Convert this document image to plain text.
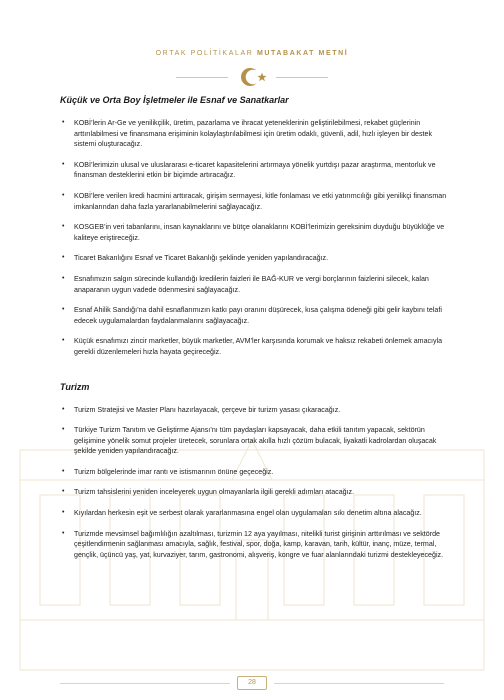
ORTAK POLİTİKALAR MUTABAKAT METNİ
Küçük ve Orta Boy İşletmeler ile Esnaf ve Sanatkarlar
• KOBİ’lerin Ar-Ge ve yenilikçilik, üretim, pazarlama ve ihracat yeteneklerinin geliştirilebilmesi, rekabet güçlerinin arttırılabilmesi ve finansmana erişiminin kolaylaştırılabilmesi için üretim odaklı, güvenli, adil, hızlı işleyen bir destek sistemi oluşturacağız.
• KOBİ’lerimizin ulusal ve uluslararası e-ticaret kapasitelerini artırmaya yönelik yurtdışı pazar araştırma, mentorluk ve finansman desteklerini etkin bir biçimde artıracağız.
• KOBİ’lere verilen kredi hacmini arttıracak, girişim sermayesi, kitle fonlaması ve etki yatırımcılığı gibi yenilikçi finansman imkanlarından daha fazla yararlanabilmelerini sağlayacağız.
• KOSGEB’in veri tabanlarını, insan kaynaklarını ve bütçe olanaklarını KOBİ’lerimizin gereksinim duyduğu büyüklüğe ve kaliteye eriştireceğiz.
• Ticaret Bakanlığını Esnaf ve Ticaret Bakanlığı şeklinde yeniden yapılandıracağız.
• Esnafımızın salgın sürecinde kullandığı kredilerin faizleri ile BAĞ-KUR ve vergi borçlarının faizlerini silecek, kalan anaparanın uygun vadede ödenmesini sağlayacağız.
• Esnaf Ahilik Sandığı’na dahil esnaflarımızın katkı payı oranını düşürecek, kısa çalışma ödeneği gibi gelir kaybını telafi edecek uygulamalardan faydalanmalarını sağlayacağız.
• Küçük esnafımızı zincir marketler, büyük marketler, AVM’ler karşısında korumak ve haksız rekabeti önlemek amacıyla gerekli düzenlemeleri hızla hayata geçireceğiz.
Turizm
• Turizm Stratejisi ve Master Planı hazırlayacak, çerçeve bir turizm yasası çıkaracağız.
• Türkiye Turizm Tanıtım ve Geliştirme Ajansı’nı tüm paydaşları kapsayacak, daha etkili tanıtım yapacak, sektörün gelişimine yönelik somut projeler üretecek, sorunlara ortak akılla hızlı çözüm bulacak, liyakatli kadrolardan oluşacak şekilde yeniden yapılandıracağız.
• Turizm bölgelerinde imar rantı ve istismarının önüne geçeceğiz.
• Turizm tahsislerini yeniden inceleyerek uygun olmayanlarla ilgili gerekli adımları atacağız.
• Kıyılardan herkesin eşit ve serbest olarak yararlanmasına engel olan uygulamaları sıkı denetim altına alacağız.
• Turizmde mevsimsel bağımlılığın azaltılması, turizmin 12 aya yayılması, nitelikli turist girişinin arttırılması ve sektörde çeşitlendirmenin sağlanması amacıyla, sağlık, festival, spor, doğa, kamp, karavan, tarih, kültür, inanç, müze, termal, gençlik, üçüncü yaş, yat, kurvaziyer, tarım, gastronomi, alışveriş, kongre ve fuar alanlarındaki turizmi destekleyeceğiz.
28
